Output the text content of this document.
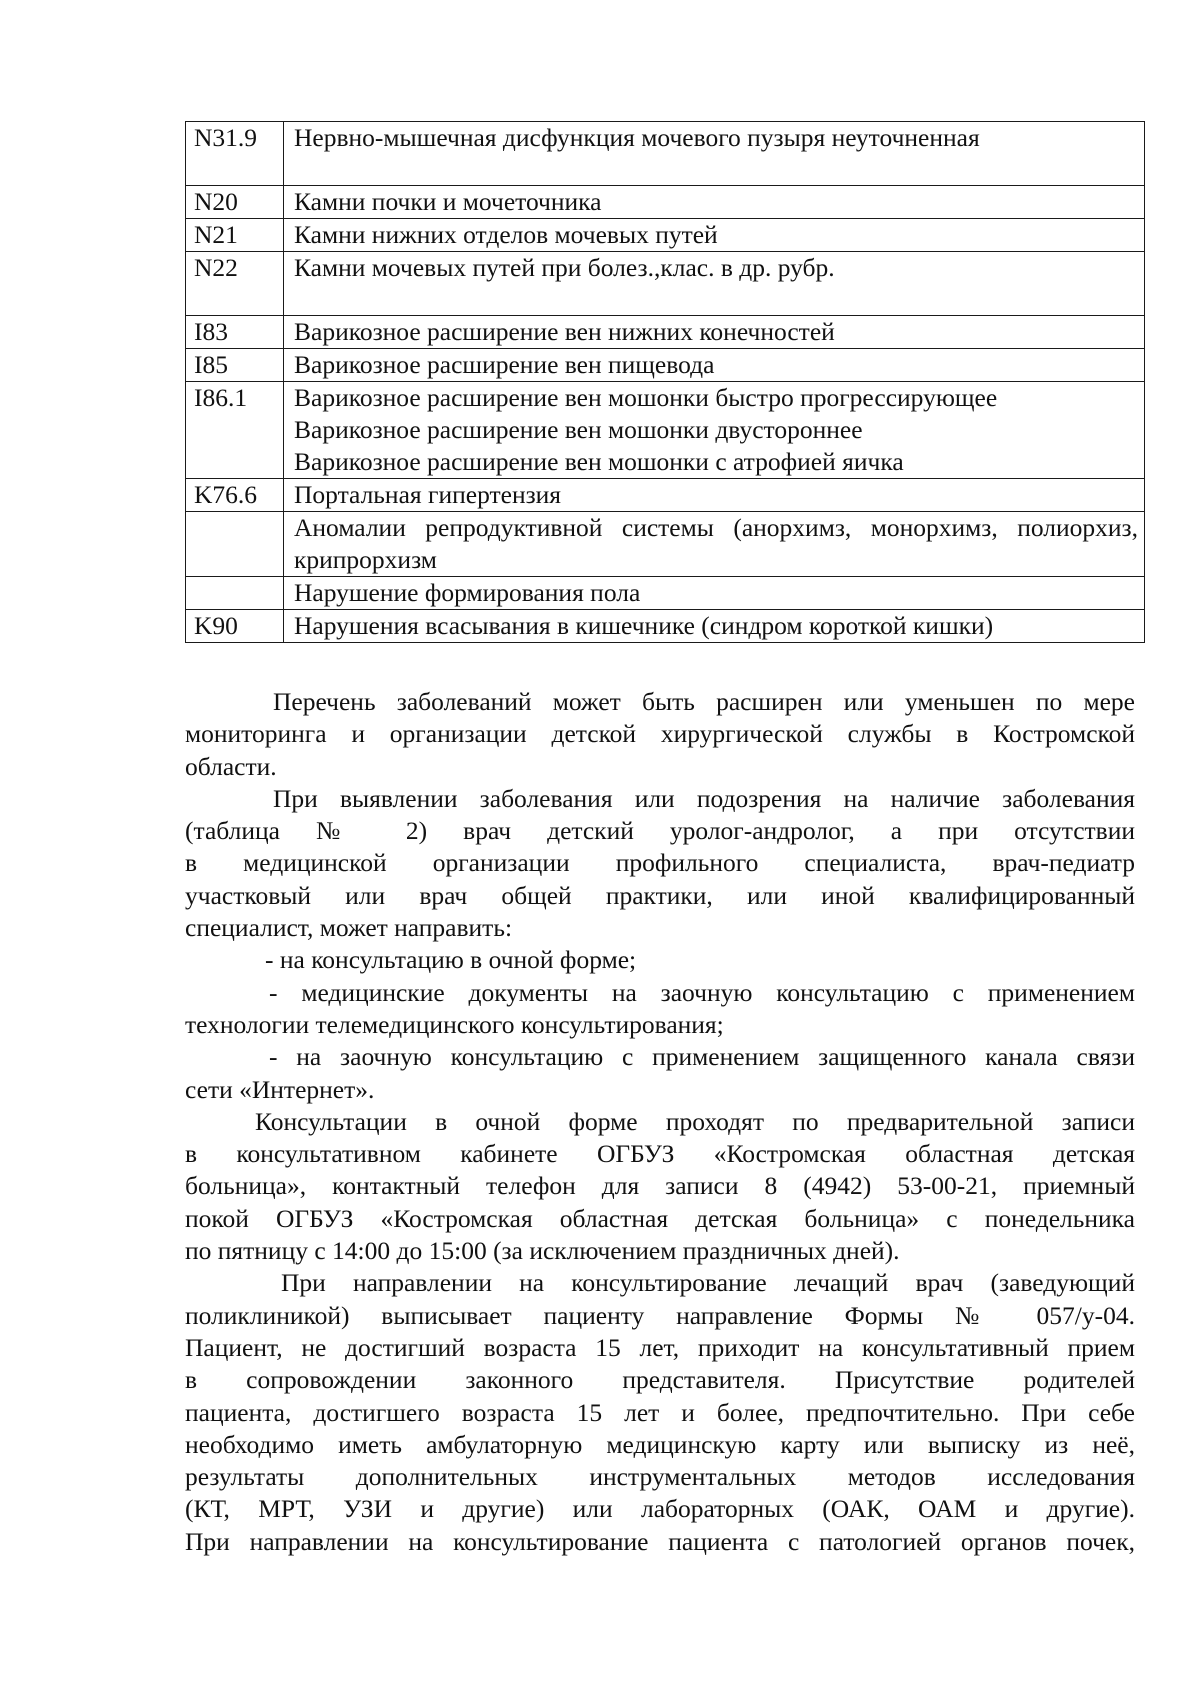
N31.9	Нервно-мышечная дисфункция мочевого пузыря неуточненная

N20	Камни почки и мочеточника

N21	Камни нижних отделов мочевых путей

N22	Камни мочевых путей при болез.,клас. в др. рубр.

I83	Варикозное расширение вен нижних конечностей

I85	Варикозное расширение вен пищевода

I86.1	Варикозное расширение вен мошонки быстро прогрессирующее
Варикозное расширение вен мошонки двустороннее
Варикозное расширение вен мошонки с атрофией яичка

K76.6	Портальная гипертензия

	Аномалии репродуктивной системы (анорхимз, монорхимз, полиорхиз, крипрорхизм

	Нарушение формирования пола

K90	Нарушения всасывания в кишечнике (синдром короткой кишки)

Перечень заболеваний может быть расширен или уменьшен по мере
мониторинга и организации детской хирургической службы в Костромской
области.

При выявлении заболевания или подозрения на наличие заболевания
(таблица № 2) врач детский уролог-андролог, а при отсутствии
в медицинской организации профильного специалиста, врач-педиатр
участковый или врач общей практики, или иной квалифицированный
специалист, может направить:

- на консультацию в очной форме;

- медицинские документы на заочную консультацию с применением
технологии телемедицинского консультирования;

- на заочную консультацию с применением защищенного канала связи
сети «Интернет».

Консультации в очной форме проходят по предварительной записи
в консультативном кабинете ОГБУЗ «Костромская областная детская
больница», контактный телефон для записи 8 (4942) 53-00-21, приемный
покой ОГБУЗ «Костромская областная детская больница» с понедельника
по пятницу с 14:00 до 15:00 (за исключением праздничных дней).

При направлении на консультирование лечащий врач (заведующий
поликлиникой) выписывает пациенту направление Формы № 057/у-04.
Пациент, не достигший возраста 15 лет, приходит на консультативный прием
в сопровождении законного представителя. Присутствие родителей
пациента, достигшего возраста 15 лет и более, предпочтительно. При себе
необходимо иметь амбулаторную медицинскую карту или выписку из неё,
результаты дополнительных инструментальных методов исследования
(КТ, МРТ, УЗИ и другие) или лабораторных (ОАК, ОАМ и другие).
При направлении на консультирование пациента с патологией органов почек,
